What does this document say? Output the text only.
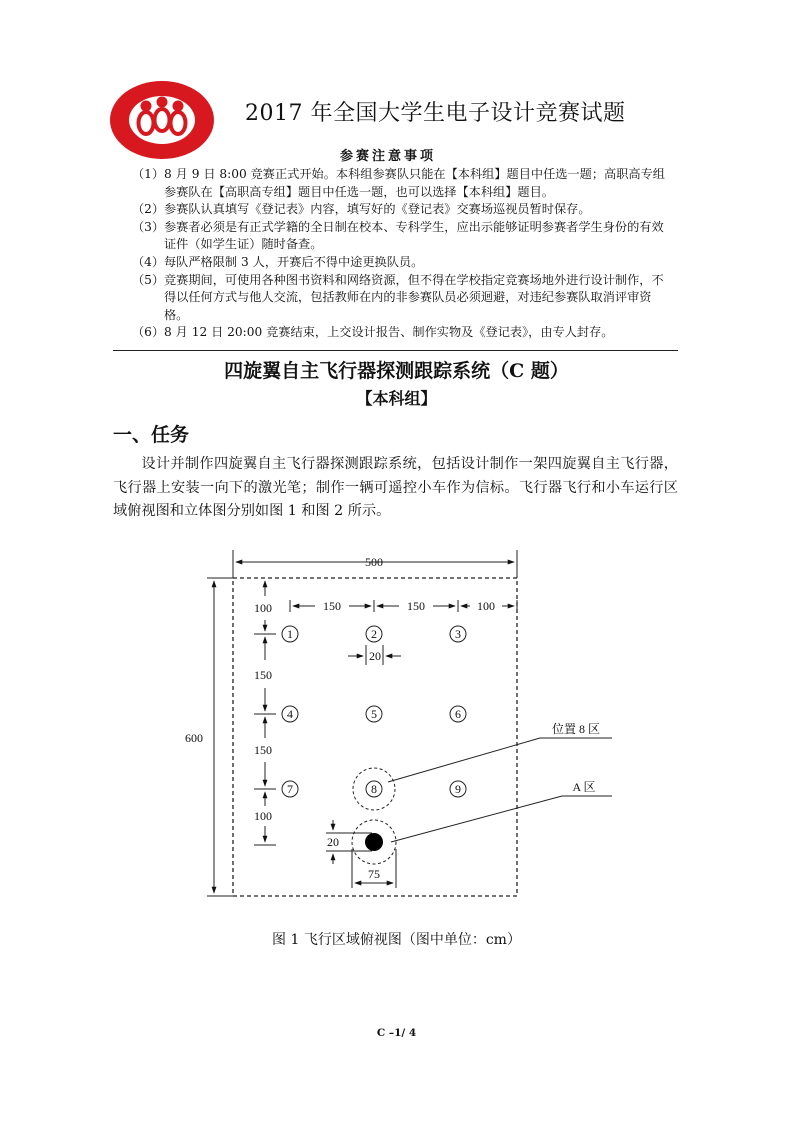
2017 年全国大学生电子设计竞赛试题
参赛注意事项
（1） 8 月 9 日 8:00 竞赛正式开始。本科组参赛队只能在【本科组】题目中任选一题；高职高专组参赛队在【高职高专组】题目中任选一题，也可以选择【本科组】题目。
（2） 参赛队认真填写《登记表》内容，填写好的《登记表》交赛场巡视员暂时保存。
（3） 参赛者必须是有正式学籍的全日制在校本、专科学生，应出示能够证明参赛者学生身份的有效证件（如学生证）随时备查。
（4） 每队严格限制 3 人，开赛后不得中途更换队员。
（5） 竞赛期间，可使用各种图书资料和网络资源，但不得在学校指定竞赛场地外进行设计制作，不得以任何方式与他人交流，包括教师在内的非参赛队员必须迴避，对违纪参赛队取消评审资格。
（6） 8 月 12 日 20:00 竞赛结束，上交设计报告、制作实物及《登记表》，由专人封存。
四旋翼自主飞行器探测跟踪系统（C 题）
【本科组】
一、任务
设计并制作四旋翼自主飞行器探测跟踪系统，包括设计制作一架四旋翼自主飞行器，飞行器上安装一向下的激光笔；制作一辆可遥控小车作为信标。飞行器飞行和小车运行区域俯视图和立体图分别如图 1 和图 2 所示。
500
600
150	150	100
100
150
150
100
20
1	2	3
4	5	6
7	8	9
20
75
位置 8 区
A 区
图 1 飞行区域俯视图（图中单位：cm）
C –1/ 4
